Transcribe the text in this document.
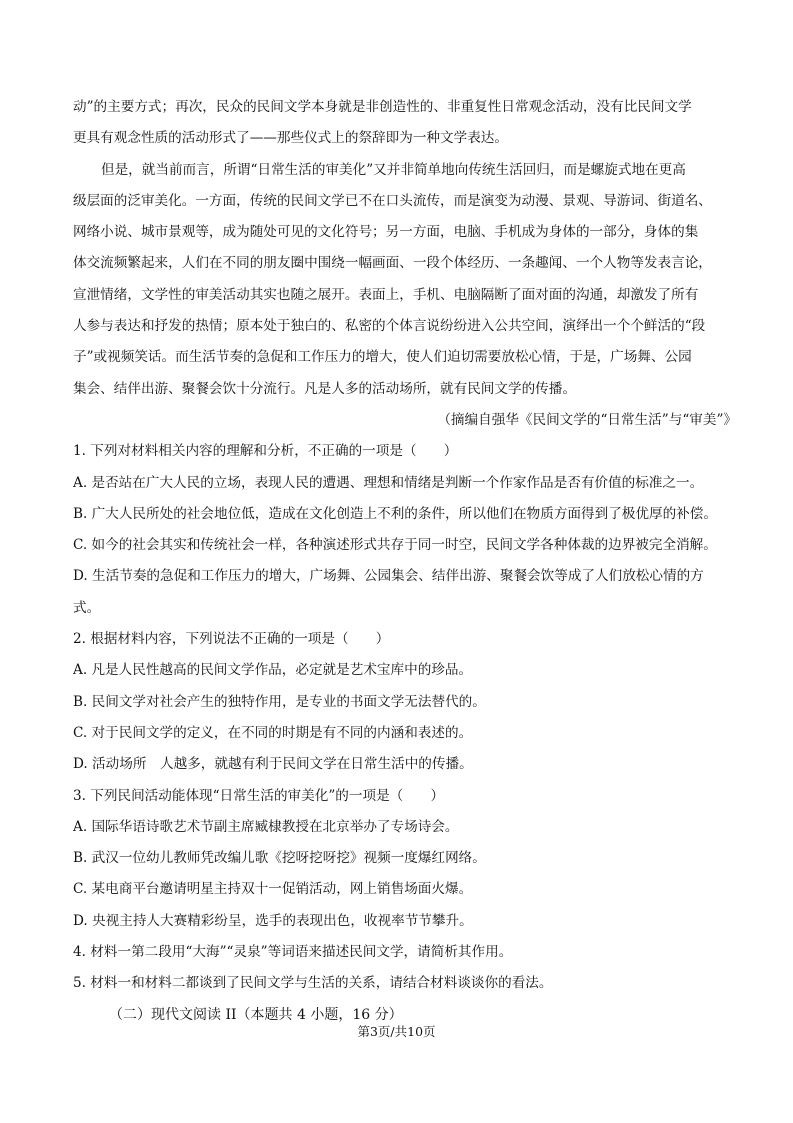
动”的主要方式；再次，民众的民间文学本身就是非创造性的、非重复性日常观念活动，没有比民间文学
更具有观念性质的活动形式了——那些仪式上的祭辞即为一种文学表达。
但是，就当前而言，所谓“日常生活的审美化”又并非简单地向传统生活回归，而是螺旋式地在更高
级层面的泛审美化。一方面，传统的民间文学已不在口头流传，而是演变为动漫、景观、导游词、街道名、
网络小说、城市景观等，成为随处可见的文化符号；另一方面，电脑、手机成为身体的一部分，身体的集
体交流频繁起来，人们在不同的朋友圈中围绕一幅画面、一段个体经历、一条趣闻、一个人物等发表言论，
宣泄情绪，文学性的审美活动其实也随之展开。表面上，手机、电脑隔断了面对面的沟通，却激发了所有
人参与表达和抒发的热情；原本处于独白的、私密的个体言说纷纷进入公共空间，演绎出一个个鲜活的“段
子”或视频笑话。而生活节奏的急促和工作压力的增大，使人们迫切需要放松心情，于是，广场舞、公园
集会、结伴出游、聚餐会饮十分流行。凡是人多的活动场所，就有民间文学的传播。
（摘编自强华《民间文学的“日常生活”与“审美”》
1. 下列对材料相关内容的理解和分析，不正确的一项是（　　）
A. 是否站在广大人民的立场，表现人民的遭遇、理想和情绪是判断一个作家作品是否有价值的标准之一。
B. 广大人民所处的社会地位低，造成在文化创造上不利的条件，所以他们在物质方面得到了极优厚的补偿。
C. 如今的社会其实和传统社会一样，各种演述形式共存于同一时空，民间文学各种体裁的边界被完全消解。
D. 生活节奏的急促和工作压力的增大，广场舞、公园集会、结伴出游、聚餐会饮等成了人们放松心情的方
式。
2. 根据材料内容，下列说法不正确的一项是（　　）
A. 凡是人民性越高的民间文学作品，必定就是艺术宝库中的珍品。
B. 民间文学对社会产生的独特作用，是专业的书面文学无法替代的。
C. 对于民间文学的定义，在不同的时期是有不同的内涵和表述的。
D. 活动场所　人越多，就越有利于民间文学在日常生活中的传播。
3. 下列民间活动能体现“日常生活的审美化”的一项是（　　）
A. 国际华语诗歌艺术节副主席臧棣教授在北京举办了专场诗会。
B. 武汉一位幼儿教师凭改编儿歌《挖呀挖呀挖》视频一度爆红网络。
C. 某电商平台邀请明星主持双十一促销活动，网上销售场面火爆。
D. 央视主持人大赛精彩纷呈，选手的表现出色，收视率节节攀升。
4. 材料一第二段用“大海”“灵泉”等词语来描述民间文学，请简析其作用。
5. 材料一和材料二都谈到了民间文学与生活的关系，请结合材料谈谈你的看法。
（二）现代文阅读 II（本题共 4 小题，16 分）
第3页/共10页
